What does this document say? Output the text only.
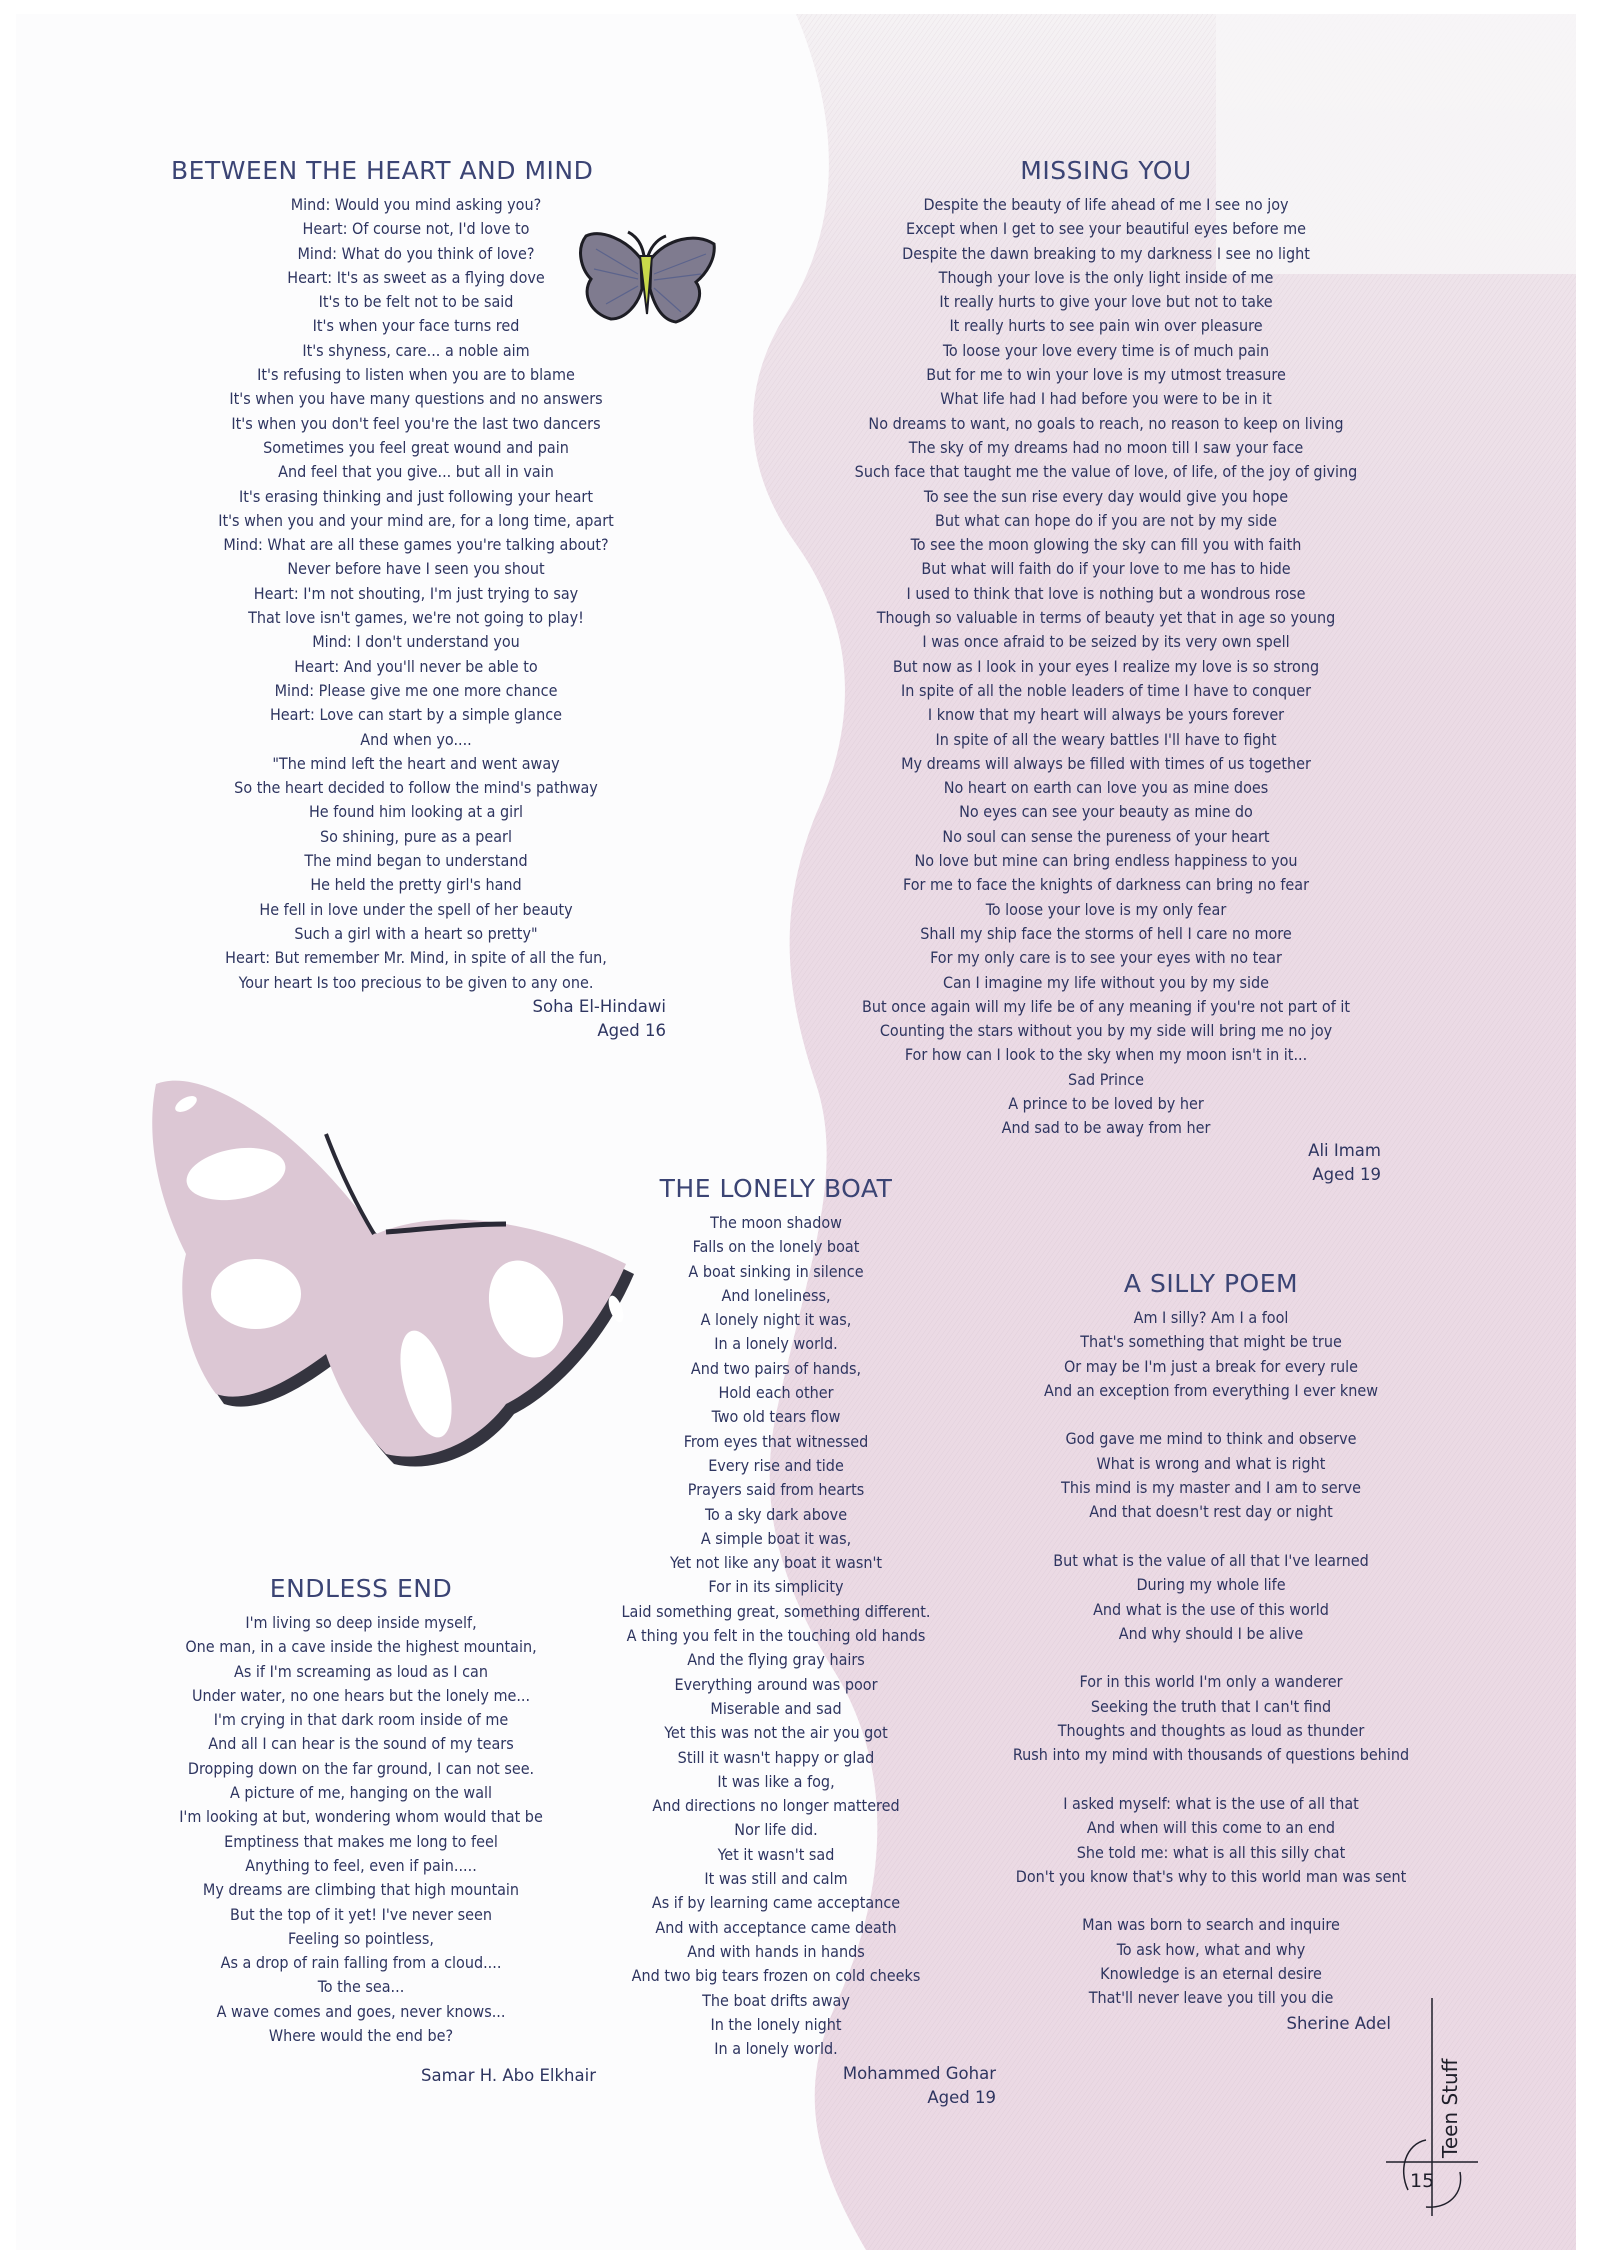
BETWEEN THE HEART AND MIND
Mind: Would you mind asking you?
Heart: Of course not, I'd love to
Mind: What do you think of love?
Heart: It's as sweet as a flying dove
It's to be felt not to be said
It's when your face turns red
It's shyness, care... a noble aim
It's refusing to listen when you are to blame
It's when you have many questions and no answers
It's when you don't feel you're the last two dancers
Sometimes you feel great wound and pain
And feel that you give... but all in vain
It's erasing thinking and just following your heart
It's when you and your mind are, for a long time, apart
Mind: What are all these games you're talking about?
Never before have I seen you shout
Heart: I'm not shouting, I'm just trying to say
That love isn't games, we're not going to play!
Mind: I don't understand you
Heart: And you'll never be able to
Mind: Please give me one more chance
Heart: Love can start by a simple glance
And when yo....
"The mind left the heart and went away
So the heart decided to follow the mind's pathway
He found him looking at a girl
So shining, pure as a pearl
The mind began to understand
He held the pretty girl's hand
He fell in love under the spell of her beauty
Such a girl with a heart so pretty"
Heart: But remember Mr. Mind, in spite of all the fun,
Your heart Is too precious to be given to any one.
Soha El-Hindawi
Aged 16
MISSING YOU
Despite the beauty of life ahead of me I see no joy
Except when I get to see your beautiful eyes before me
Despite the dawn breaking to my darkness I see no light
Though your love is the only light inside of me
It really hurts to give your love but not to take
It really hurts to see pain win over pleasure
To loose your love every time is of much pain
But for me to win your love is my utmost treasure
What life had I had before you were to be in it
No dreams to want, no goals to reach, no reason to keep on living
The sky of my dreams had no moon till I saw your face
Such face that taught me the value of love, of life, of the joy of giving
To see the sun rise every day would give you hope
But what can hope do if you are not by my side
To see the moon glowing the sky can fill you with faith
But what will faith do if your love to me has to hide
I used to think that love is nothing but a wondrous rose
Though so valuable in terms of beauty yet that in age so young
I was once afraid to be seized by its very own spell
But now as I look in your eyes I realize my love is so strong
In spite of all the noble leaders of time I have to conquer
I know that my heart will always be yours forever
In spite of all the weary battles I'll have to fight
My dreams will always be filled with times of us together
No heart on earth can love you as mine does
No eyes can see your beauty as mine do
No soul can sense the pureness of your heart
No love but mine can bring endless happiness to you
For me to face the knights of darkness can bring no fear
To loose your love is my only fear
Shall my ship face the storms of hell I care no more
For my only care is to see your eyes with no tear
Can I imagine my life without you by my side
But once again will my life be of any meaning if you're not part of it
Counting the stars without you by my side will bring me no joy
For how can I look to the sky when my moon isn't in it...
Sad Prince
A prince to be loved by her
And sad to be away from her
Ali Imam
Aged 19
THE LONELY BOAT
The moon shadow
Falls on the lonely boat
A boat sinking in silence
And loneliness,
A lonely night it was,
In a lonely world.
And two pairs of hands,
Hold each other
Two old tears flow
From eyes that witnessed
Every rise and tide
Prayers said from hearts
To a sky dark above
A simple boat it was,
Yet not like any boat it wasn't
For in its simplicity
Laid something great, something different.
A thing you felt in the touching old hands
And the flying gray hairs
Everything around was poor
Miserable and sad
Yet this was not the air you got
Still it wasn't happy or glad
It was like a fog,
And directions no longer mattered
Nor life did.
Yet it wasn't sad
It was still and calm
As if by learning came acceptance
And with acceptance came death
And with hands in hands
And two big tears frozen on cold cheeks
The boat drifts away
In the lonely night
In a lonely world.
Mohammed Gohar
Aged 19
A SILLY POEM
Am I silly? Am I a fool
That's something that might be true
Or may be I'm just a break for every rule
And an exception from everything I ever knew
God gave me mind to think and observe
What is wrong and what is right
This mind is my master and I am to serve
And that doesn't rest day or night
But what is the value of all that I've learned
During my whole life
And what is the use of this world
And why should I be alive
For in this world I'm only a wanderer
Seeking the truth that I can't find
Thoughts and thoughts as loud as thunder
Rush into my mind with thousands of questions behind
I asked myself: what is the use of all that
And when will this come to an end
She told me: what is all this silly chat
Don't you know that's why to this world man was sent
Man was born to search and inquire
To ask how, what and why
Knowledge is an eternal desire
That'll never leave you till you die
Sherine Adel
ENDLESS END
I'm living so deep inside myself,
One man, in a cave inside the highest mountain,
As if I'm screaming as loud as I can
Under water, no one hears but the lonely me...
I'm crying in that dark room inside of me
And all I can hear is the sound of my tears
Dropping down on the far ground, I can not see.
A picture of me, hanging on the wall
I'm looking at but, wondering whom would that be
Emptiness that makes me long to feel
Anything to feel, even if pain.....
My dreams are climbing that high mountain
But the top of it yet! I've never seen
Feeling so pointless,
As a drop of rain falling from a cloud....
To the sea...
A wave comes and goes, never knows...
Where would the end be?
Samar H. Abo Elkhair	Teen Stuff
15
